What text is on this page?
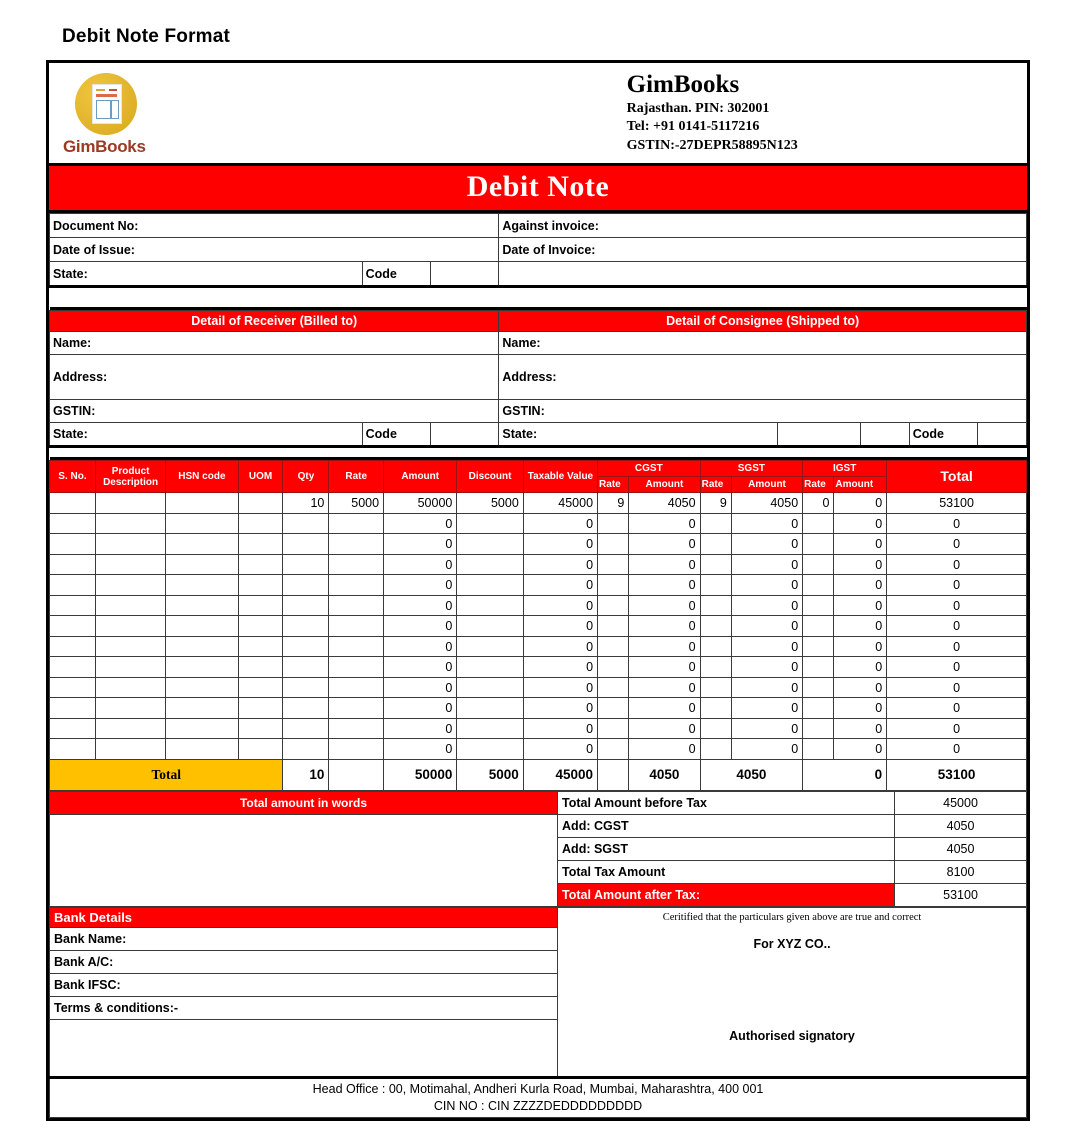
Debit Note Format
GimBooks
GimBooks
Rajasthan. PIN: 302001
Tel: +91 0141-5117216
GSTIN:-27DEPR58895N123
Debit Note
Document No:			Against invoice:
Date of Issue:			Date of Invoice:
State:	Code		

Detail of Receiver (Billed to)			Detail of Consignee (Shipped to)				
Name:			Name:				
Address:			Address:				
GSTIN:			GSTIN:				
State:	Code		State:			Code	

S. No.	Product Description	HSN code	UOM	Qty	Rate	Amount	Discount	Taxable Value	CGST		SGST		IGST		Total
									Rate	Amount	Rate	Amount	Rate	Amount	
				10	5000	50000	5000	45000	9	4050	9	4050	0	0	53100
						0		0		0		0		0	0
						0		0		0		0		0	0
						0		0		0		0		0	0
						0		0		0		0		0	0
						0		0		0		0		0	0
						0		0		0		0		0	0
						0		0		0		0		0	0
						0		0		0		0		0	0
						0		0		0		0		0	0
						0		0		0		0		0	0
						0		0		0		0		0	0
						0		0		0		0		0	0
Total				10		50000	5000	45000		4050	4050		0		53100
Total amount in words	Total Amount before Tax	45000
	Add: CGST	4050
	Add: SGST	4050
	Total Tax Amount	8100
	Total Amount after Tax:	53100
Bank Details	Ceritified that the particulars given above are true and correct
For XYZ CO..
Authorised signatory

Bank Name:
Bank A/C:
Bank IFSC:
Terms & conditions:-

Head Office : 00, Motimahal, Andheri Kurla Road, Mumbai, Maharashtra, 400 001
CIN NO : CIN ZZZZDEDDDDDDDDD
